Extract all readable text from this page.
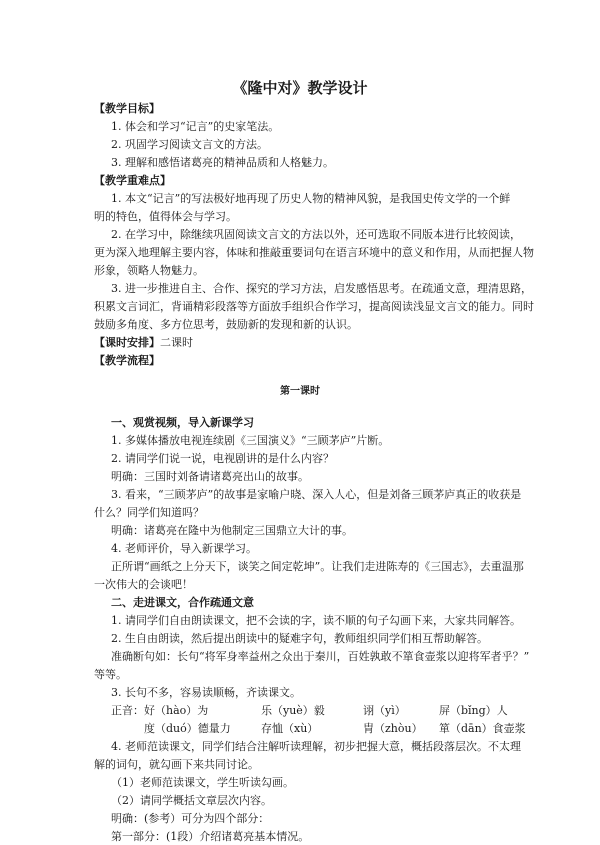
《隆中对》教学设计
【教学目标】
1. 体会和学习“记言”的史家笔法。
2. 巩固学习阅读文言文的方法。
3. 理解和感悟诸葛亮的精神品质和人格魅力。
【教学重难点】
1. 本文“记言”的写法极好地再现了历史人物的精神风貌，是我国史传文学的一个鲜
明的特色，值得体会与学习。
2. 在学习中，除继续巩固阅读文言文的方法以外，还可选取不同版本进行比较阅读，
更为深入地理解主要内容，体味和推敲重要词句在语言环境中的意义和作用，从而把握人物
形象，领略人物魅力。
3. 进一步推进自主、合作、探究的学习方法，启发感悟思考。在疏通文意，理清思路，
积累文言词汇，背诵精彩段落等方面放手组织合作学习，提高阅读浅显文言文的能力。同时
鼓励多角度、多方位思考，鼓励新的发现和新的认识。
【课时安排】二课时
【教学流程】
第一课时
一、观赏视频，导入新课学习
1. 多媒体播放电视连续剧《三国演义》“三顾茅庐”片断。
2. 请同学们说一说，电视剧讲的是什么内容？
明确：三国时刘备请诸葛亮出山的故事。
3. 看来，“三顾茅庐”的故事是家喻户晓、深入人心，但是刘备三顾茅庐真正的收获是
什么？同学们知道吗？
明确：诸葛亮在隆中为他制定三国鼎立大计的事。
4. 老师评价，导入新课学习。
正所谓“画纸之上分天下，谈笑之间定乾坤”。让我们走进陈寿的《三国志》，去重温那
一次伟大的会谈吧！
二、走进课文，合作疏通文意
1. 请同学们自由朗读课文，把不会读的字，读不顺的句子勾画下来，大家共同解答。
2. 生自由朗读，然后提出朗读中的疑难字句，教师组织同学们相互帮助解答。
准确断句如：长句“将军身率益州之众出于秦川，百姓孰敢不箪食壶浆以迎将军者乎？”
等等。
3. 长句不多，容易读顺畅，齐读课文。
正音： 好（hào）为	乐（yuè）毅	诩（yì）	屏（bǐng）人
度（duó）德量力	存恤（xù）	胄（zhòu） 箪（dān）食壶浆
4. 老师范读课文，同学们结合注解听读理解，初步把握大意，概括段落层次。不太理
解的词句，就勾画下来共同讨论。
（1）老师范读课文，学生听读勾画。
（2）请同学概括文章层次内容。
明确：(参考）可分为四个部分：
第一部分：(1段）介绍诸葛亮基本情况。
